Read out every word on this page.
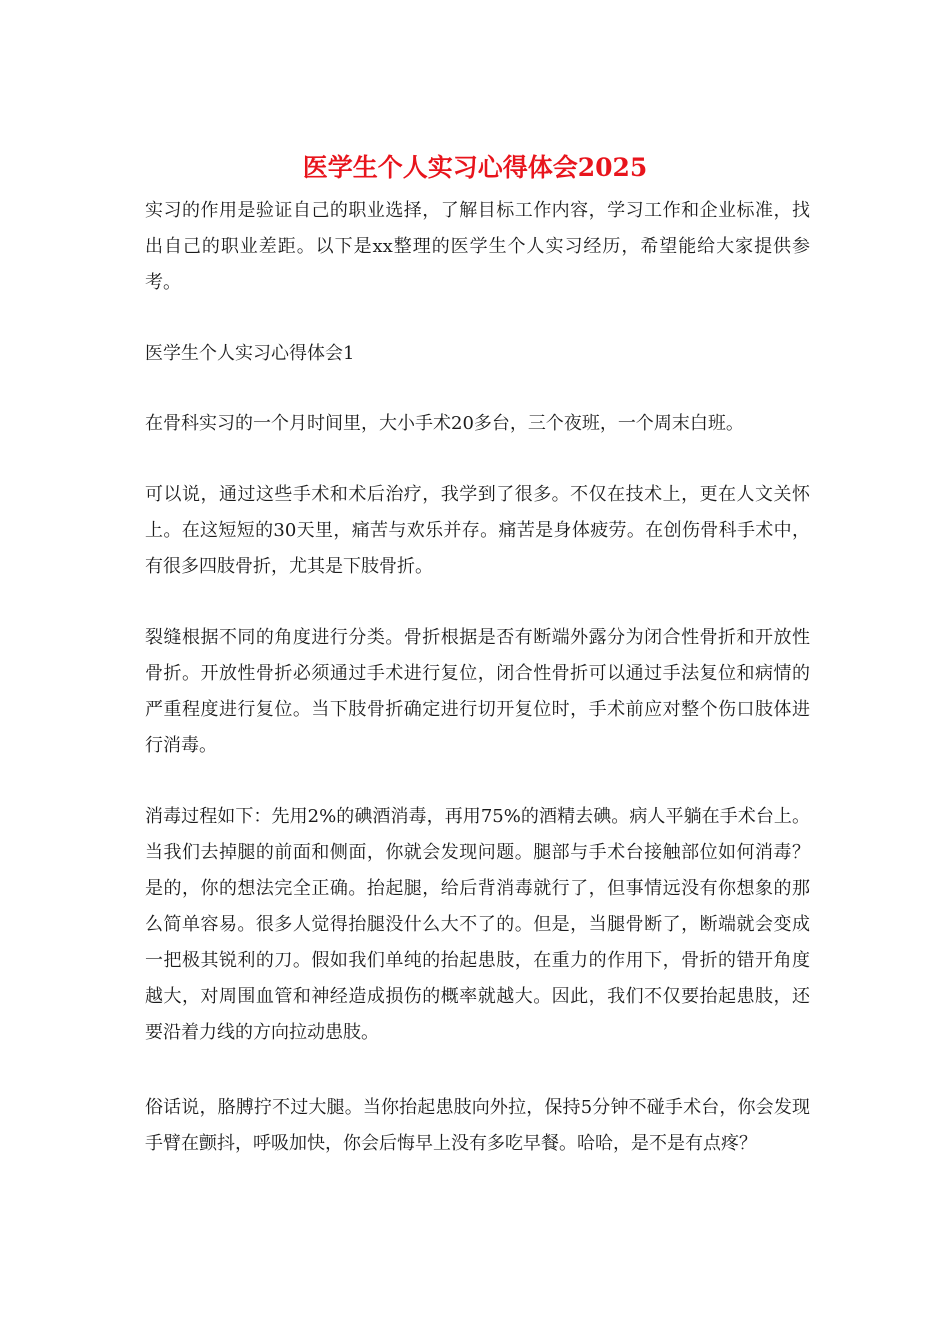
医学生个人实习心得体会2025

实习的作用是验证自己的职业选择，了解目标工作内容，学习工作和企业标准，找出自己的职业差距。以下是xx整理的医学生个人实习经历，希望能给大家提供参考。

医学生个人实习心得体会1

在骨科实习的一个月时间里，大小手术20多台，三个夜班，一个周末白班。

可以说，通过这些手术和术后治疗，我学到了很多。不仅在技术上，更在人文关怀上。在这短短的30天里，痛苦与欢乐并存。痛苦是身体疲劳。在创伤骨科手术中，有很多四肢骨折，尤其是下肢骨折。

裂缝根据不同的角度进行分类。骨折根据是否有断端外露分为闭合性骨折和开放性骨折。开放性骨折必须通过手术进行复位，闭合性骨折可以通过手法复位和病情的严重程度进行复位。当下肢骨折确定进行切开复位时，手术前应对整个伤口肢体进行消毒。

消毒过程如下：先用2%的碘酒消毒，再用75%的酒精去碘。病人平躺在手术台上。当我们去掉腿的前面和侧面，你就会发现问题。腿部与手术台接触部位如何消毒？是的，你的想法完全正确。抬起腿，给后背消毒就行了，但事情远没有你想象的那么简单容易。很多人觉得抬腿没什么大不了的。但是，当腿骨断了，断端就会变成一把极其锐利的刀。假如我们单纯的抬起患肢，在重力的作用下，骨折的错开角度越大，对周围血管和神经造成损伤的概率就越大。因此，我们不仅要抬起患肢，还要沿着力线的方向拉动患肢。

俗话说，胳膊拧不过大腿。当你抬起患肢向外拉，保持5分钟不碰手术台，你会发现手臂在颤抖，呼吸加快，你会后悔早上没有多吃早餐。哈哈，是不是有点疼？
